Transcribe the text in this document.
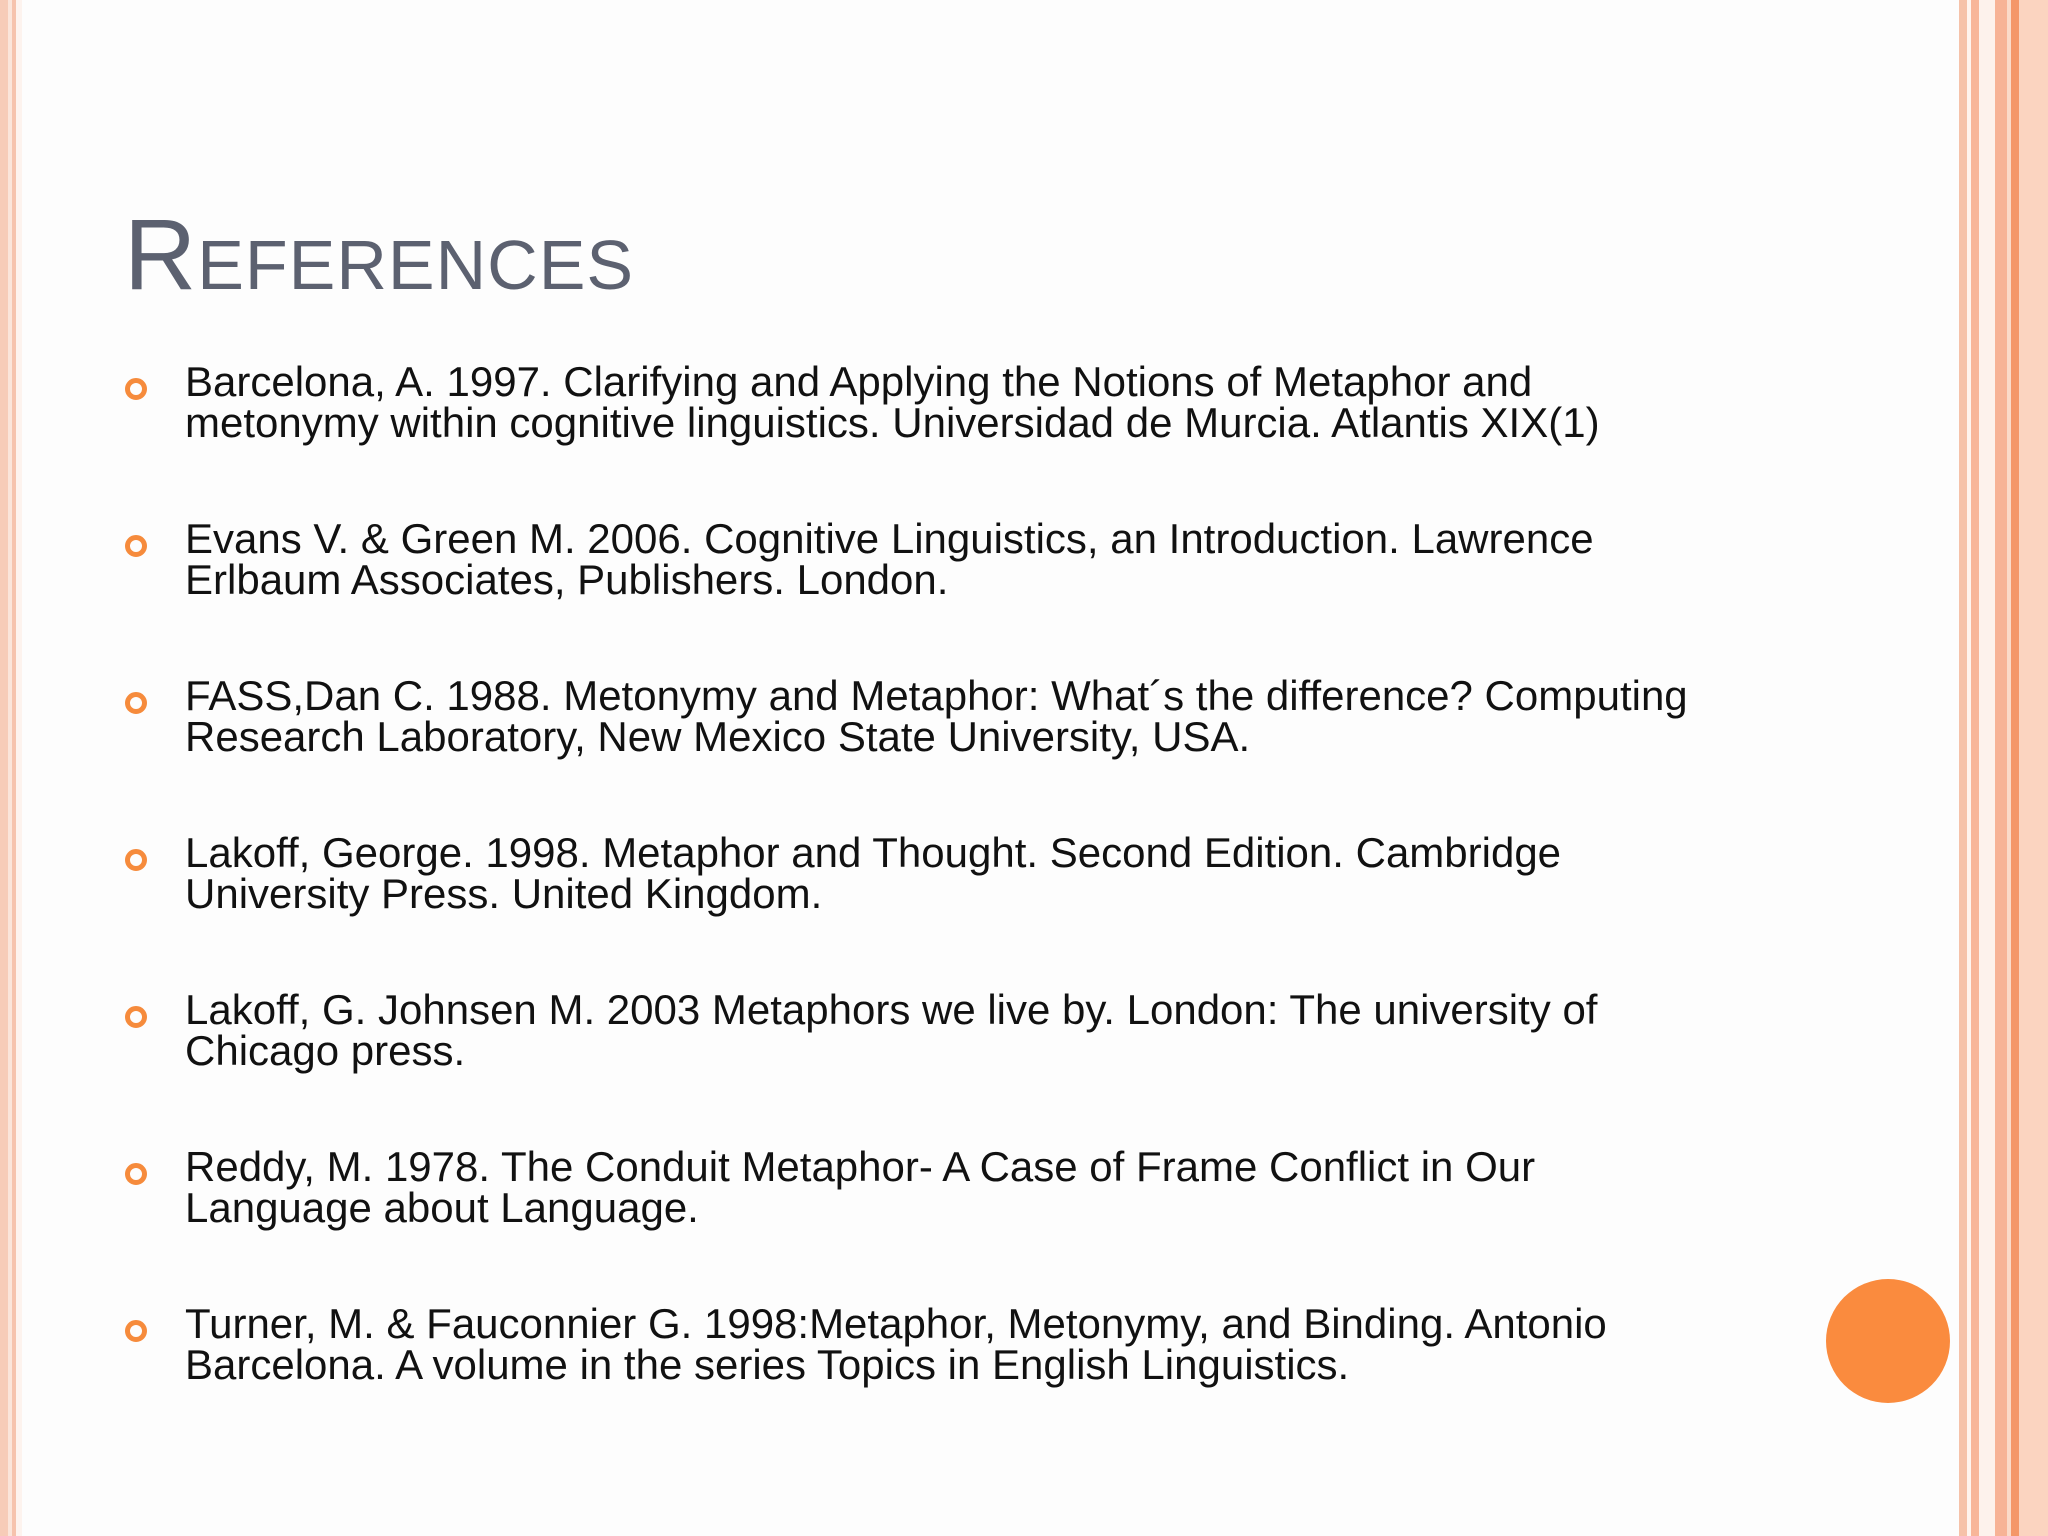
References

Barcelona, A. 1997. Clarifying and Applying the Notions of Metaphor and metonymy within cognitive linguistics. Universidad de Murcia. Atlantis XIX(1)

Evans V. & Green M. 2006. Cognitive Linguistics, an Introduction. Lawrence Erlbaum Associates, Publishers. London.

FASS,Dan C. 1988. Metonymy and Metaphor: What´s the difference? Computing Research Laboratory, New Mexico State University, USA.

Lakoff, George. 1998. Metaphor and Thought. Second Edition. Cambridge University Press. United Kingdom.

Lakoff, G. Johnsen M. 2003 Metaphors we live by. London: The university of Chicago press.

Reddy, M. 1978. The Conduit Metaphor- A Case of Frame Conflict in Our Language about Language.

Turner, M. & Fauconnier G. 1998:Metaphor, Metonymy, and Binding. Antonio Barcelona. A volume in the series Topics in English Linguistics.
